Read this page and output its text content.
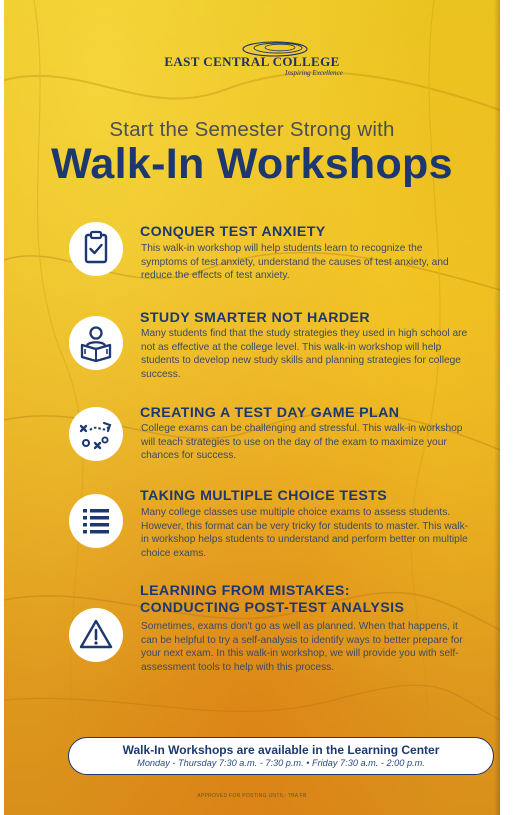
EAST CENTRAL COLLEGE
Inspiring Excellence
Start the Semester Strong with
Walk-In Workshops
CONQUER TEST ANXIETY
This walk-in workshop will help students learn to recognize the symptoms of test anxiety, understand the causes of test anxiety, and reduce the effects of test anxiety.
STUDY SMARTER NOT HARDER
Many students find that the study strategies they used in high school are not as effective at the college level. This walk-in workshop will help students to develop new study skills and planning strategies for college success.
CREATING A TEST DAY GAME PLAN
College exams can be challenging and stressful. This walk-in workshop will teach strategies to use on the day of the exam to maximize your chances for success.
TAKING MULTIPLE CHOICE TESTS
Many college classes use multiple choice exams to assess students. However, this format can be very tricky for students to master. This walk-in workshop helps students to understand and perform better on multiple choice exams.
LEARNING FROM MISTAKES:
CONDUCTING POST-TEST ANALYSIS
Sometimes, exams don't go as well as planned. When that happens, it can be helpful to try a self-analysis to identify ways to better prepare for your next exam. In this walk-in workshop, we will provide you with self-assessment tools to help with this process.
Walk-In Workshops are available in the Learning Center
Monday - Thursday 7:30 a.m. - 7:30 p.m. • Friday 7:30 a.m. - 2:00 p.m.
APPROVED FOR POSTING UNTIL: TBA FB
